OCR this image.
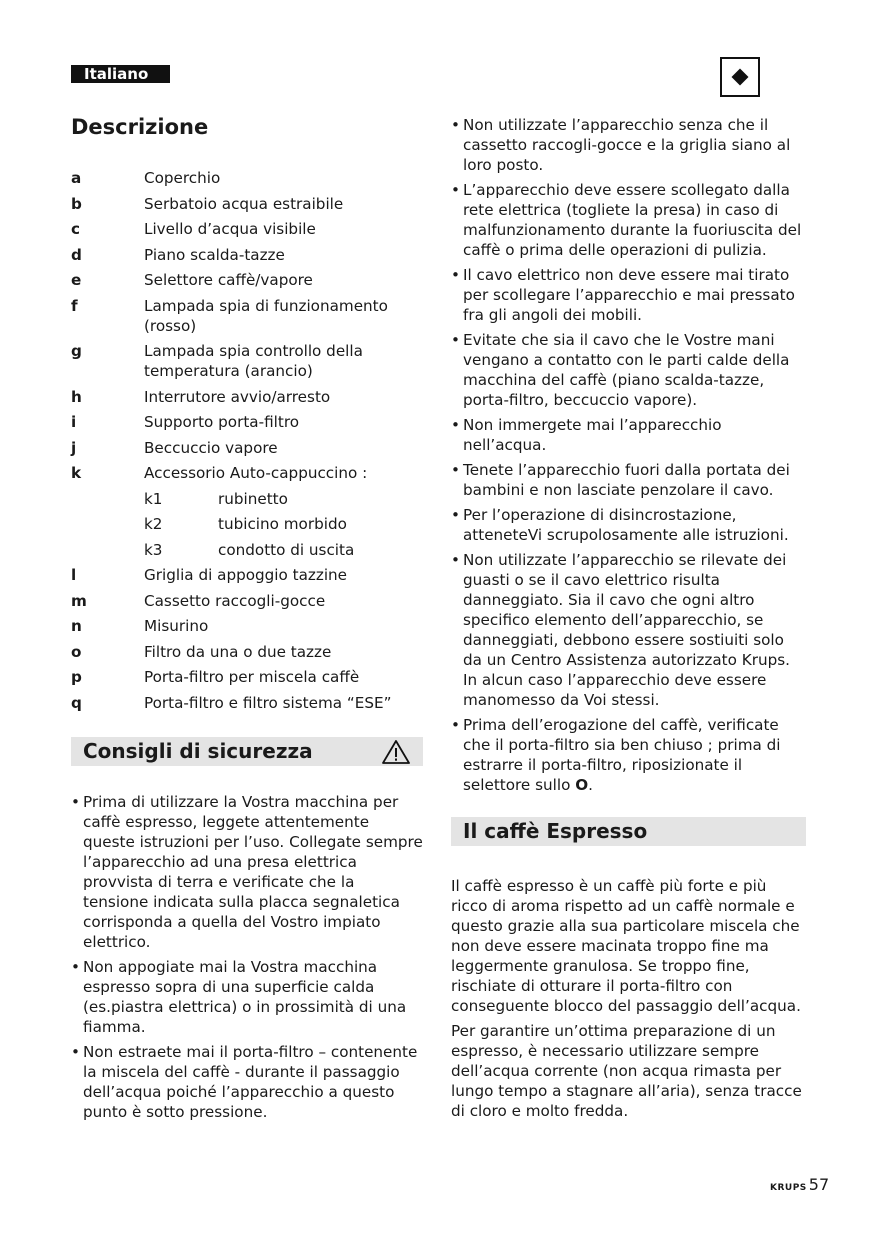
Italiano
Descrizione
a	Coperchio
b	Serbatoio acqua estraibile
c	Livello d’acqua visibile
d	Piano scalda-tazze
e	Selettore caffè/vapore
f	Lampada spia di funzionamento (rosso)
g	Lampada spia controllo della temperatura (arancio)
h	Interrutore avvio/arresto
i	Supporto porta-filtro
j	Beccuccio vapore
k	Accessorio Auto-cappuccino :
k1	rubinetto
k2	tubicino morbido
k3	condotto di uscita
l	Griglia di appoggio tazzine
m	Cassetto raccogli-gocce
n	Misurino
o	Filtro da una o due tazze
p	Porta-filtro per miscela caffè
q	Porta-filtro e filtro sistema “ESE”
Consigli di sicurezza
• Prima di utilizzare la Vostra macchina per caffè espresso, leggete attentemente queste istruzioni per l’uso. Collegate sempre l’apparecchio ad una presa elettrica provvista di terra e verificate che la tensione indicata sulla placca segnaletica corrisponda a quella del Vostro impiato elettrico.
• Non appogiate mai la Vostra macchina espresso sopra di una superficie calda (es.piastra elettrica) o in prossimità di una fiamma.
• Non estraete mai il porta-filtro – contenente la miscela del caffè - durante il passaggio dell’acqua poiché l’apparecchio a questo punto è sotto pressione.
• Non utilizzate l’apparecchio senza che il cassetto raccogli-gocce e la griglia siano al loro posto.
• L’apparecchio deve essere scollegato dalla rete elettrica (togliete la presa) in caso di malfunzionamento durante la fuoriuscita del caffè o prima delle operazioni di pulizia.
• Il cavo elettrico non deve essere mai tirato per scollegare l’apparecchio e mai pressato fra gli angoli dei mobili.
• Evitate che sia il cavo che le Vostre mani vengano a contatto con le parti calde della macchina del caffè (piano scalda-tazze, porta-filtro, beccuccio vapore).
• Non immergete mai l’apparecchio nell’acqua.
• Tenete l’apparecchio fuori dalla portata dei bambini e non lasciate penzolare il cavo.
• Per l’operazione di disincrostazione, atteneteVi scrupolosamente alle istruzioni.
• Non utilizzate l’apparecchio se rilevate dei guasti o se il cavo elettrico risulta danneggiato. Sia il cavo che ogni altro specifico elemento dell’apparecchio, se danneggiati, debbono essere sostiuiti solo da un Centro Assistenza autorizzato Krups. In alcun caso l’apparecchio deve essere manomesso da Voi stessi.
• Prima dell’erogazione del caffè, verificate che il porta-filtro sia ben chiuso ; prima di estrarre il porta-filtro, riposizionate il selettore sullo O.
Il caffè Espresso

Il caffè espresso è un caffè più forte e più ricco di aroma rispetto ad un caffè normale e questo grazie alla sua particolare miscela che non deve essere macinata troppo fine ma leggermente granulosa. Se troppo fine, rischiate di otturare il porta-filtro con conseguente blocco del passaggio dell’acqua.

Per garantire un’ottima preparazione di un espresso, è necessario utilizzare sempre dell’acqua corrente (non acqua rimasta per lungo tempo a stagnare all’aria), senza tracce di cloro e molto fredda.

KRUPS 57
